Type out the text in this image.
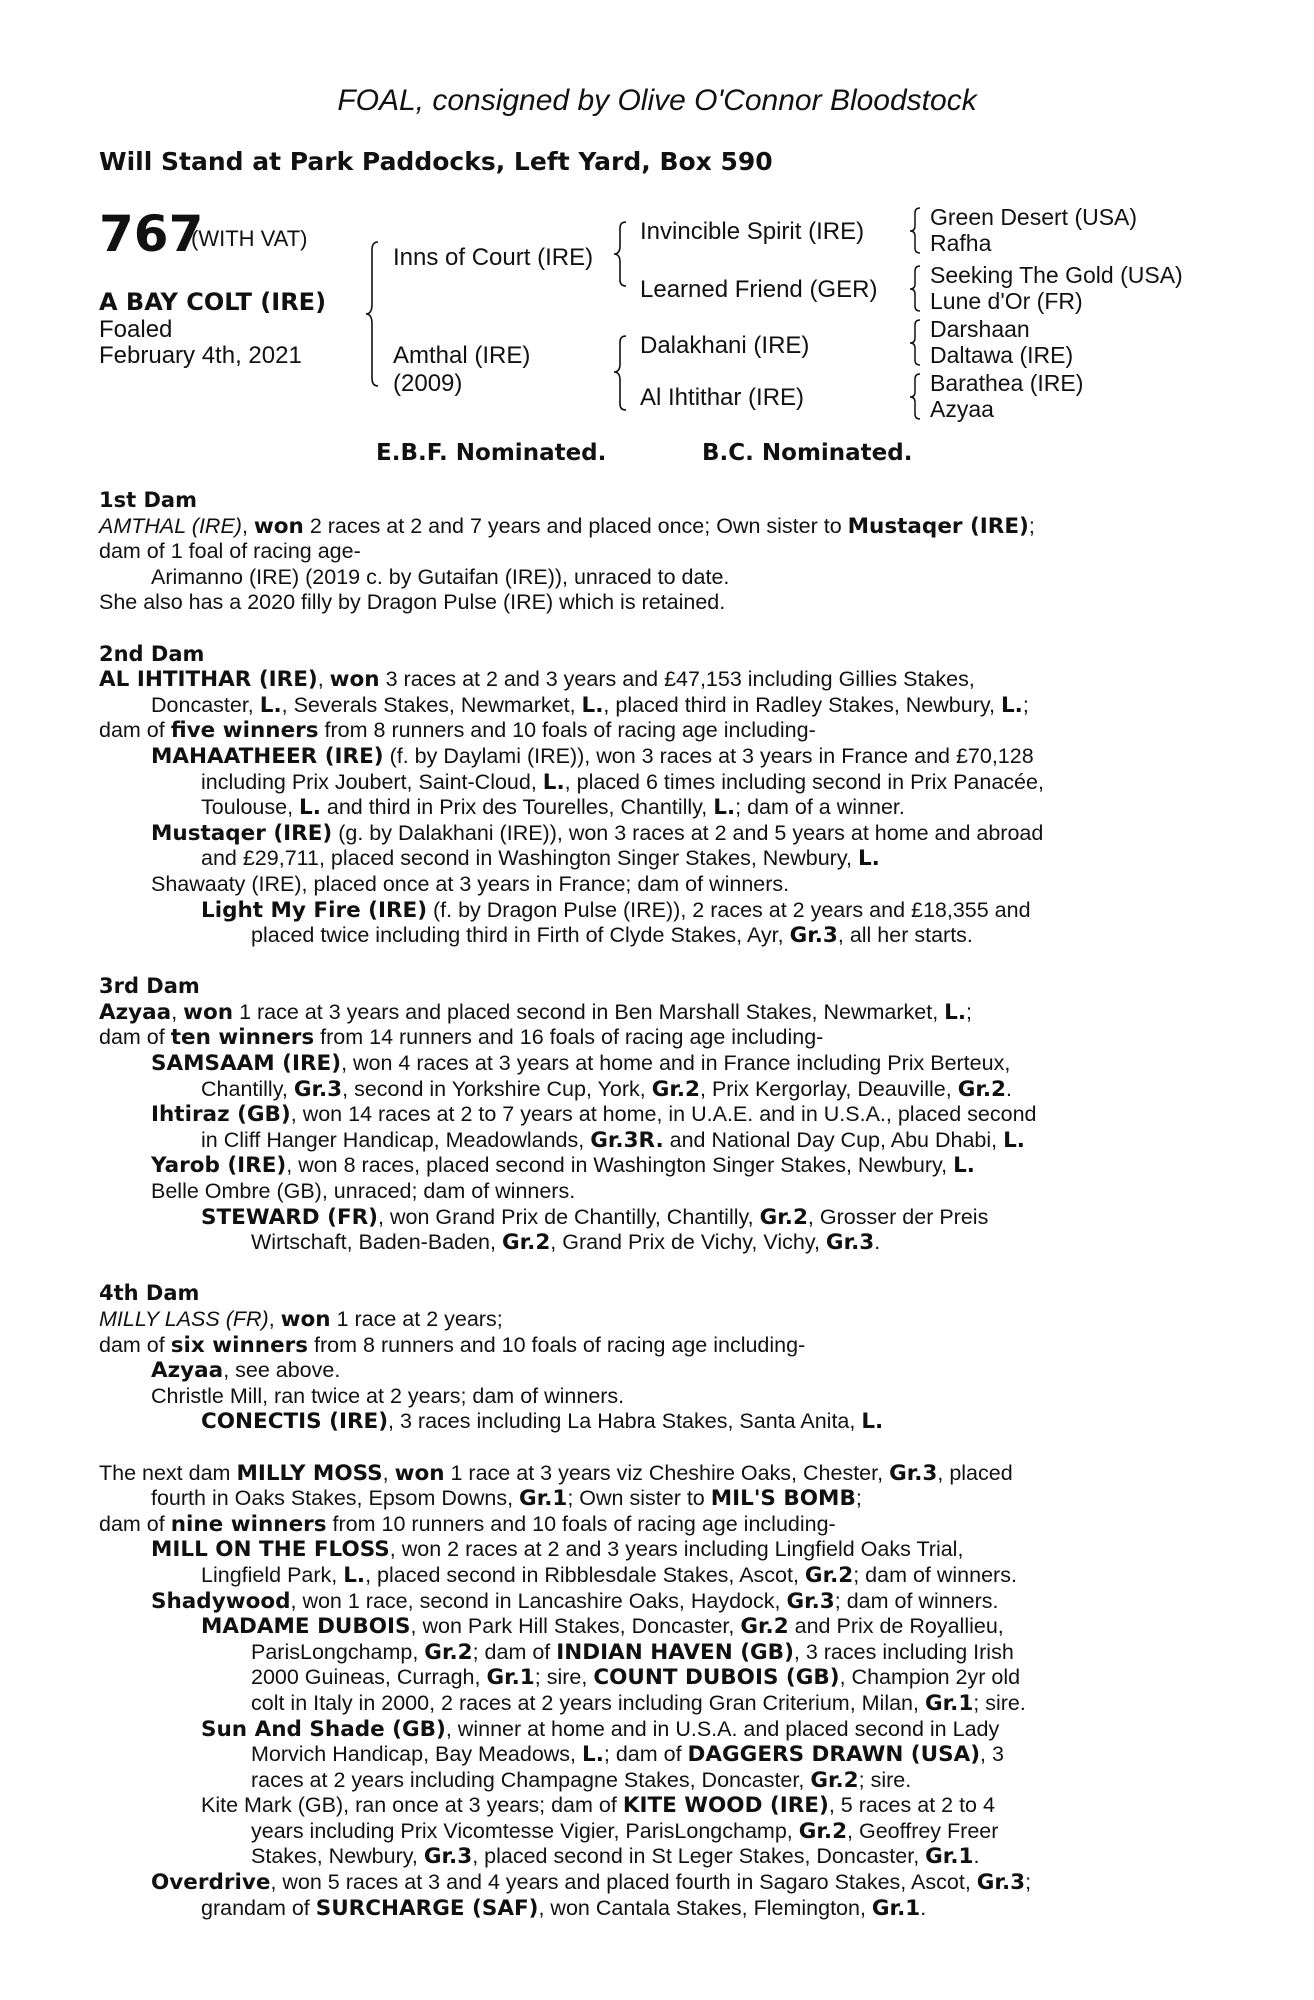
FOAL, consigned by Olive O'Connor Bloodstock
Will Stand at Park Paddocks, Left Yard, Box 590
767
(WITH VAT)
A BAY COLT (IRE)
Foaled
February 4th, 2021
Inns of Court (IRE)
Amthal (IRE)
(2009)
Invincible Spirit (IRE)
Learned Friend (GER)
Dalakhani (IRE)
Al Ihtithar (IRE)
Green Desert (USA)
Rafha
Seeking The Gold (USA)
Lune d'Or (FR)
Darshaan
Daltawa (IRE)
Barathea (IRE)
Azyaa
E.B.F. Nominated.	B.C. Nominated.
1st Dam
AMTHAL (IRE), won 2 races at 2 and 7 years and placed once; Own sister to Mustaqer (IRE);
dam of 1 foal of racing age-
Arimanno (IRE) (2019 c. by Gutaifan (IRE)), unraced to date.
She also has a 2020 filly by Dragon Pulse (IRE) which is retained.
2nd Dam
AL IHTITHAR (IRE), won 3 races at 2 and 3 years and £47,153 including Gillies Stakes,
Doncaster, L., Severals Stakes, Newmarket, L., placed third in Radley Stakes, Newbury, L.;
dam of five winners from 8 runners and 10 foals of racing age including-
MAHAATHEER (IRE) (f. by Daylami (IRE)), won 3 races at 3 years in France and £70,128
including Prix Joubert, Saint-Cloud, L., placed 6 times including second in Prix Panacée,
Toulouse, L. and third in Prix des Tourelles, Chantilly, L.; dam of a winner.
Mustaqer (IRE) (g. by Dalakhani (IRE)), won 3 races at 2 and 5 years at home and abroad
and £29,711, placed second in Washington Singer Stakes, Newbury, L.
Shawaaty (IRE), placed once at 3 years in France; dam of winners.
Light My Fire (IRE) (f. by Dragon Pulse (IRE)), 2 races at 2 years and £18,355 and
placed twice including third in Firth of Clyde Stakes, Ayr, Gr.3, all her starts.
3rd Dam
Azyaa, won 1 race at 3 years and placed second in Ben Marshall Stakes, Newmarket, L.;
dam of ten winners from 14 runners and 16 foals of racing age including-
SAMSAAM (IRE), won 4 races at 3 years at home and in France including Prix Berteux,
Chantilly, Gr.3, second in Yorkshire Cup, York, Gr.2, Prix Kergorlay, Deauville, Gr.2.
Ihtiraz (GB), won 14 races at 2 to 7 years at home, in U.A.E. and in U.S.A., placed second
in Cliff Hanger Handicap, Meadowlands, Gr.3R. and National Day Cup, Abu Dhabi, L.
Yarob (IRE), won 8 races, placed second in Washington Singer Stakes, Newbury, L.
Belle Ombre (GB), unraced; dam of winners.
STEWARD (FR), won Grand Prix de Chantilly, Chantilly, Gr.2, Grosser der Preis
Wirtschaft, Baden-Baden, Gr.2, Grand Prix de Vichy, Vichy, Gr.3.
4th Dam
MILLY LASS (FR), won 1 race at 2 years;
dam of six winners from 8 runners and 10 foals of racing age including-
Azyaa, see above.
Christle Mill, ran twice at 2 years; dam of winners.
CONECTIS (IRE), 3 races including La Habra Stakes, Santa Anita, L.
The next dam MILLY MOSS, won 1 race at 3 years viz Cheshire Oaks, Chester, Gr.3, placed
fourth in Oaks Stakes, Epsom Downs, Gr.1; Own sister to MIL'S BOMB;
dam of nine winners from 10 runners and 10 foals of racing age including-
MILL ON THE FLOSS, won 2 races at 2 and 3 years including Lingfield Oaks Trial,
Lingfield Park, L., placed second in Ribblesdale Stakes, Ascot, Gr.2; dam of winners.
Shadywood, won 1 race, second in Lancashire Oaks, Haydock, Gr.3; dam of winners.
MADAME DUBOIS, won Park Hill Stakes, Doncaster, Gr.2 and Prix de Royallieu,
ParisLongchamp, Gr.2; dam of INDIAN HAVEN (GB), 3 races including Irish
2000 Guineas, Curragh, Gr.1; sire, COUNT DUBOIS (GB), Champion 2yr old
colt in Italy in 2000, 2 races at 2 years including Gran Criterium, Milan, Gr.1; sire.
Sun And Shade (GB), winner at home and in U.S.A. and placed second in Lady
Morvich Handicap, Bay Meadows, L.; dam of DAGGERS DRAWN (USA), 3
races at 2 years including Champagne Stakes, Doncaster, Gr.2; sire.
Kite Mark (GB), ran once at 3 years; dam of KITE WOOD (IRE), 5 races at 2 to 4
years including Prix Vicomtesse Vigier, ParisLongchamp, Gr.2, Geoffrey Freer
Stakes, Newbury, Gr.3, placed second in St Leger Stakes, Doncaster, Gr.1.
Overdrive, won 5 races at 3 and 4 years and placed fourth in Sagaro Stakes, Ascot, Gr.3;
grandam of SURCHARGE (SAF), won Cantala Stakes, Flemington, Gr.1.
